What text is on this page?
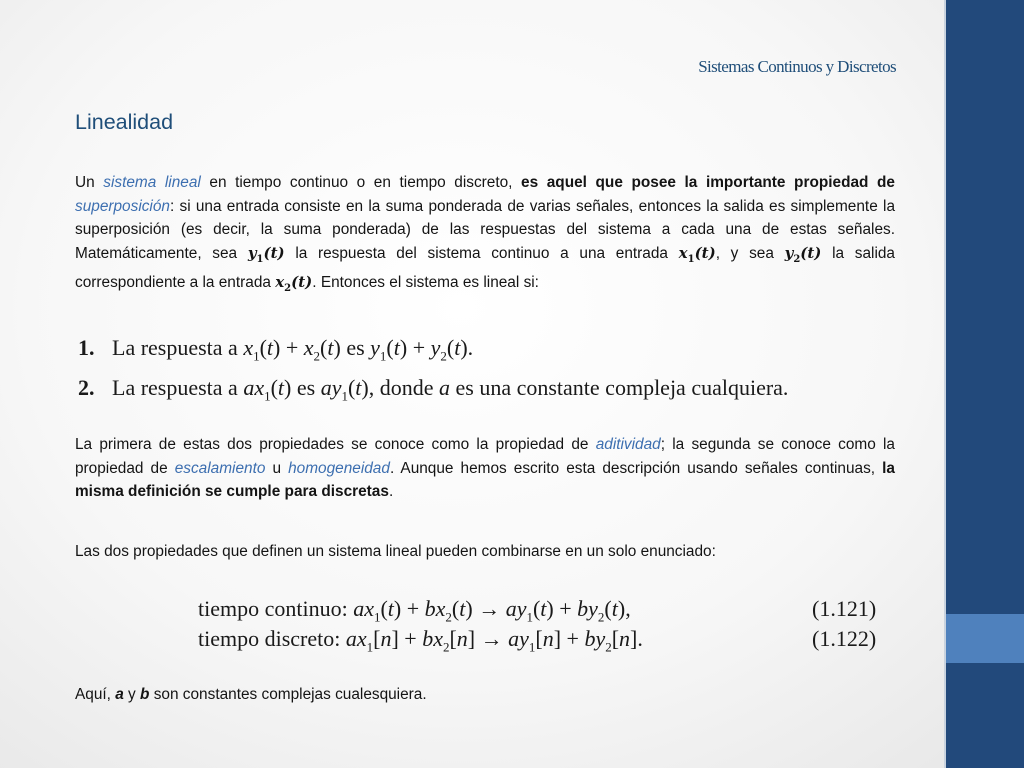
Sistemas Continuos y Discretos
Linealidad
Un sistema lineal en tiempo continuo o en tiempo discreto, es aquel que posee la importante propiedad de superposición: si una entrada consiste en la suma ponderada de varias señales, entonces la salida es simplemente la superposición (es decir, la suma ponderada) de las respuestas del sistema a cada una de estas señales. Matemáticamente, sea $y_1(t)$ la respuesta del sistema continuo a una entrada $x_1(t)$, y sea $y_2(t)$ la salida correspondiente a la entrada $x_2(t)$. Entonces el sistema es lineal si:
1. La respuesta a $x_1(t) + x_2(t)$ es $y_1(t) + y_2(t)$.
2. La respuesta a $ax_1(t)$ es $ay_1(t)$, donde a es una constante compleja cualquiera.
La primera de estas dos propiedades se conoce como la propiedad de aditividad; la segunda se conoce como la propiedad de escalamiento u homogeneidad. Aunque hemos escrito esta descripción usando señales continuas, la misma definición se cumple para discretas.
Las dos propiedades que definen un sistema lineal pueden combinarse en un solo enunciado:
tiempo continuo: $ax_1(t) + bx_2(t) \to ay_1(t) + by_2(t)$,	(1.121)
tiempo discreto: $ax_1[n] + bx_2[n] \to ay_1[n] + by_2[n]$.	(1.122)
Aquí, a y b son constantes complejas cualesquiera.
